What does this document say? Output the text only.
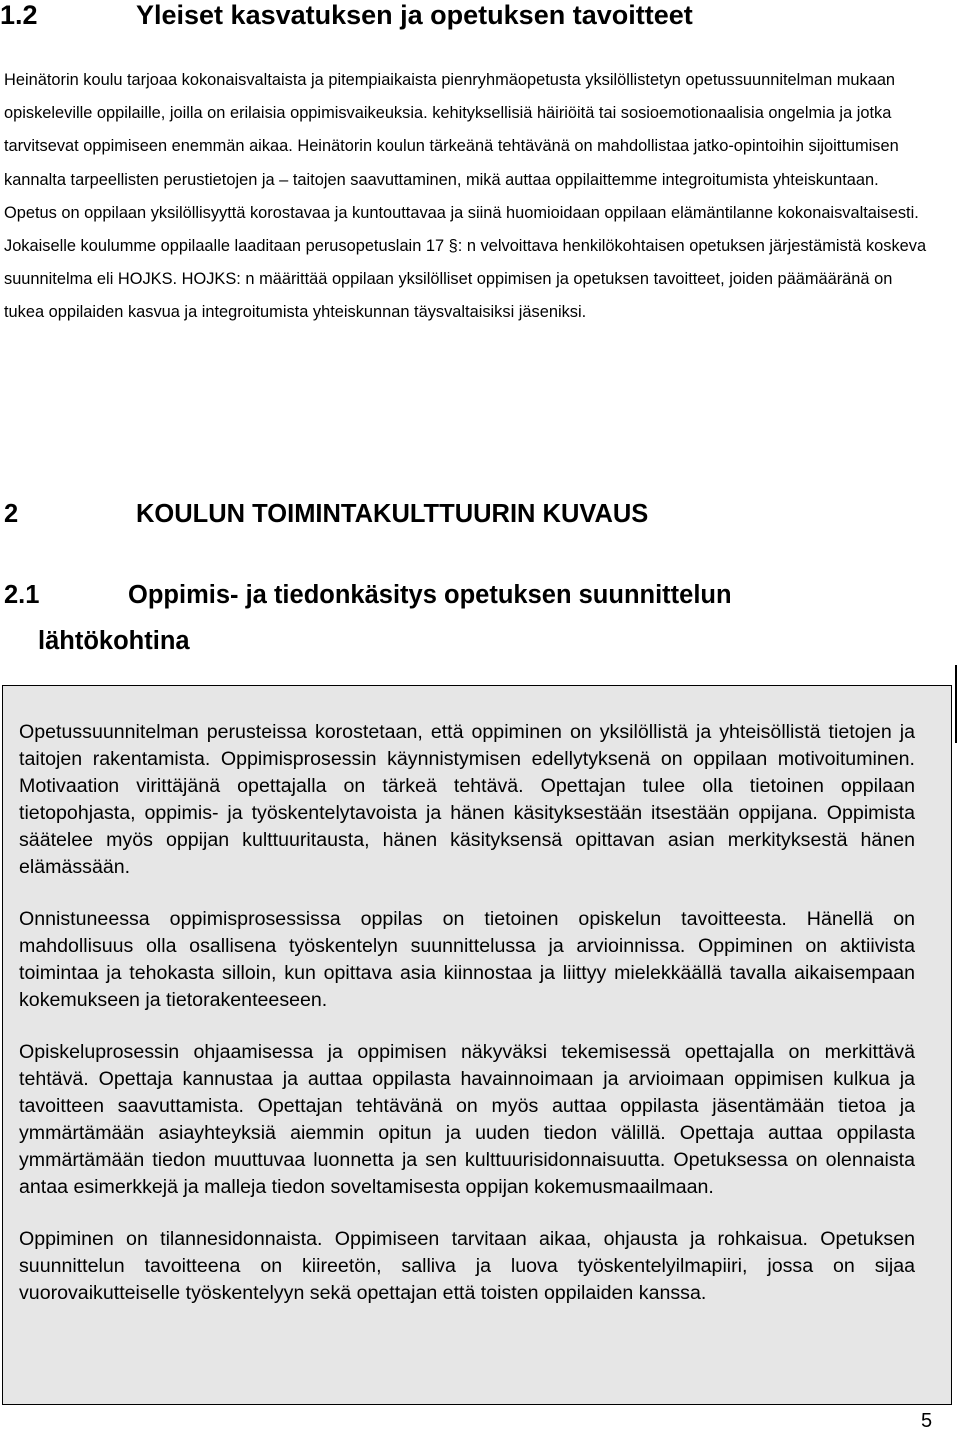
1.2	Yleiset kasvatuksen ja opetuksen tavoitteet

Heinätorin koulu tarjoaa kokonaisvaltaista ja pitempiaikaista pienryhmäopetusta yksilöllistetyn opetussuunnitelman mukaan opiskeleville oppilaille, joilla on erilaisia oppimisvaikeuksia. kehityksellisiä häiriöitä tai sosioemotionaalisia ongelmia ja jotka tarvitsevat oppimiseen enemmän aikaa. Heinätorin koulun tärkeänä tehtävänä on mahdollistaa jatko-opintoihin sijoittumisen kannalta tarpeellisten perustietojen ja – taitojen saavuttaminen, mikä auttaa oppilaittemme integroitumista yhteiskuntaan. Opetus on oppilaan yksilöllisyyttä korostavaa ja kuntouttavaa ja siinä huomioidaan oppilaan elämäntilanne kokonaisvaltaisesti. Jokaiselle koulumme oppilaalle laaditaan perusopetuslain 17 §: n velvoittava henkilökohtaisen opetuksen järjestämistä koskeva suunnitelma eli HOJKS. HOJKS: n määrittää oppilaan yksilölliset oppimisen ja opetuksen tavoitteet, joiden päämääränä on tukea oppilaiden kasvua ja integroitumista yhteiskunnan täysvaltaisiksi jäseniksi.

2	KOULUN TOIMINTAKULTTUURIN KUVAUS
2.1	Oppimis- ja tiedonkäsitys opetuksen suunnittelun
lähtökohtina

Opetussuunnitelman perusteissa korostetaan, että oppiminen on yksilöllistä ja yhteisöllistä tietojen ja taitojen rakentamista. Oppimisprosessin käynnistymisen edellytyksenä on oppilaan motivoituminen. Motivaation virittäjänä opettajalla on tärkeä tehtävä. Opettajan tulee olla tietoinen oppilaan tietopohjasta, oppimis- ja työskentelytavoista ja hänen käsityksestään itsestään oppijana. Oppimista säätelee myös oppijan kulttuuritausta, hänen käsityksensä opittavan asian merkityksestä hänen elämässään.

Onnistuneessa oppimisprosessissa oppilas on tietoinen opiskelun tavoitteesta. Hänellä on mahdollisuus olla osallisena työskentelyn suunnittelussa ja arvioinnissa. Oppiminen on aktiivista toimintaa ja tehokasta silloin, kun opittava asia kiinnostaa ja liittyy mielekkäällä tavalla aikaisempaan kokemukseen ja tietorakenteeseen.

Opiskeluprosessin ohjaamisessa ja oppimisen näkyväksi tekemisessä opettajalla on merkittävä tehtävä. Opettaja kannustaa ja auttaa oppilasta havainnoimaan ja arvioimaan oppimisen kulkua ja tavoitteen saavuttamista. Opettajan tehtävänä on myös auttaa oppilasta jäsentämään tietoa ja ymmärtämään asiayhteyksiä aiemmin opitun ja uuden tiedon välillä. Opettaja auttaa oppilasta ymmärtämään tiedon muuttuvaa luonnetta ja sen kulttuurisidonnaisuutta. Opetuksessa on olennaista antaa esimerkkejä ja malleja tiedon soveltamisesta oppijan kokemusmaailmaan.

Oppiminen on tilannesidonnaista. Oppimiseen tarvitaan aikaa, ohjausta ja rohkaisua. Opetuksen suunnittelun tavoitteena on kiireetön, salliva ja luova työskentelyilmapiiri, jossa on sijaa vuorovaikutteiselle työskentelyyn sekä opettajan että toisten oppilaiden kanssa.

5
